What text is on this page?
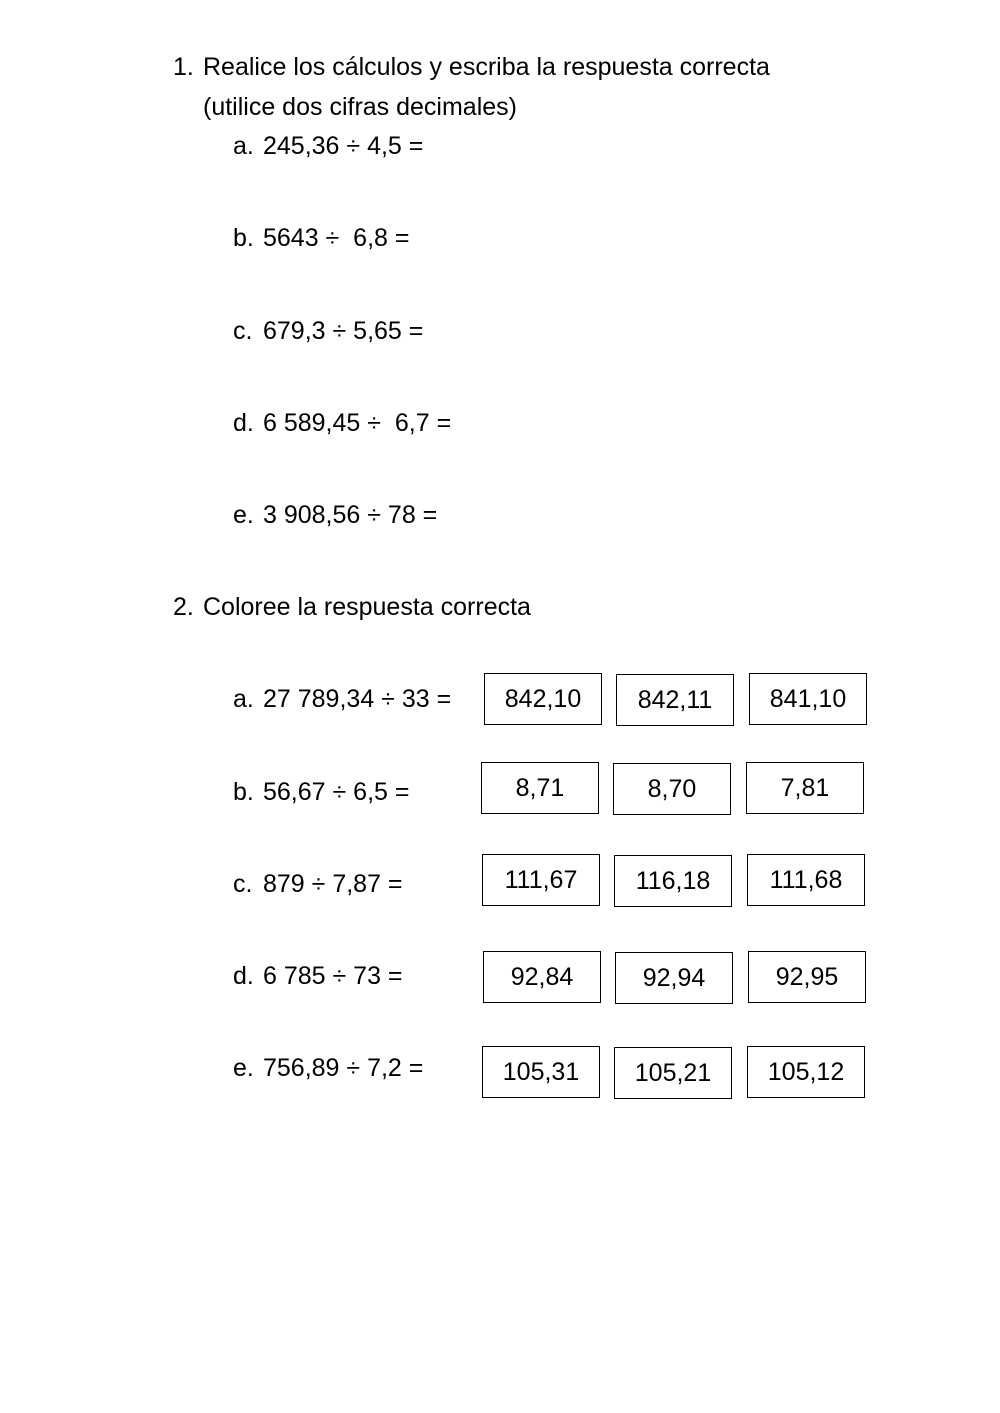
1. Realice los cálculos y escriba la respuesta correcta
(utilice dos cifras decimales)
a. 245,36 ÷ 4,5 =
b. 5643 ÷  6,8 =
c. 679,3 ÷ 5,65 =
d. 6 589,45 ÷  6,7 =
e. 3 908,56 ÷ 78 =
2. Coloree la respuesta correcta
a. 27 789,34 ÷ 33 =	842,10	842,11	841,10
b. 56,67 ÷ 6,5 =	8,71	8,70	7,81
c. 879 ÷ 7,87 =	111,67	116,18	111,68
d. 6 785 ÷ 73 =	92,84	92,94	92,95
e. 756,89 ÷ 7,2 =	105,31	105,21	105,12
